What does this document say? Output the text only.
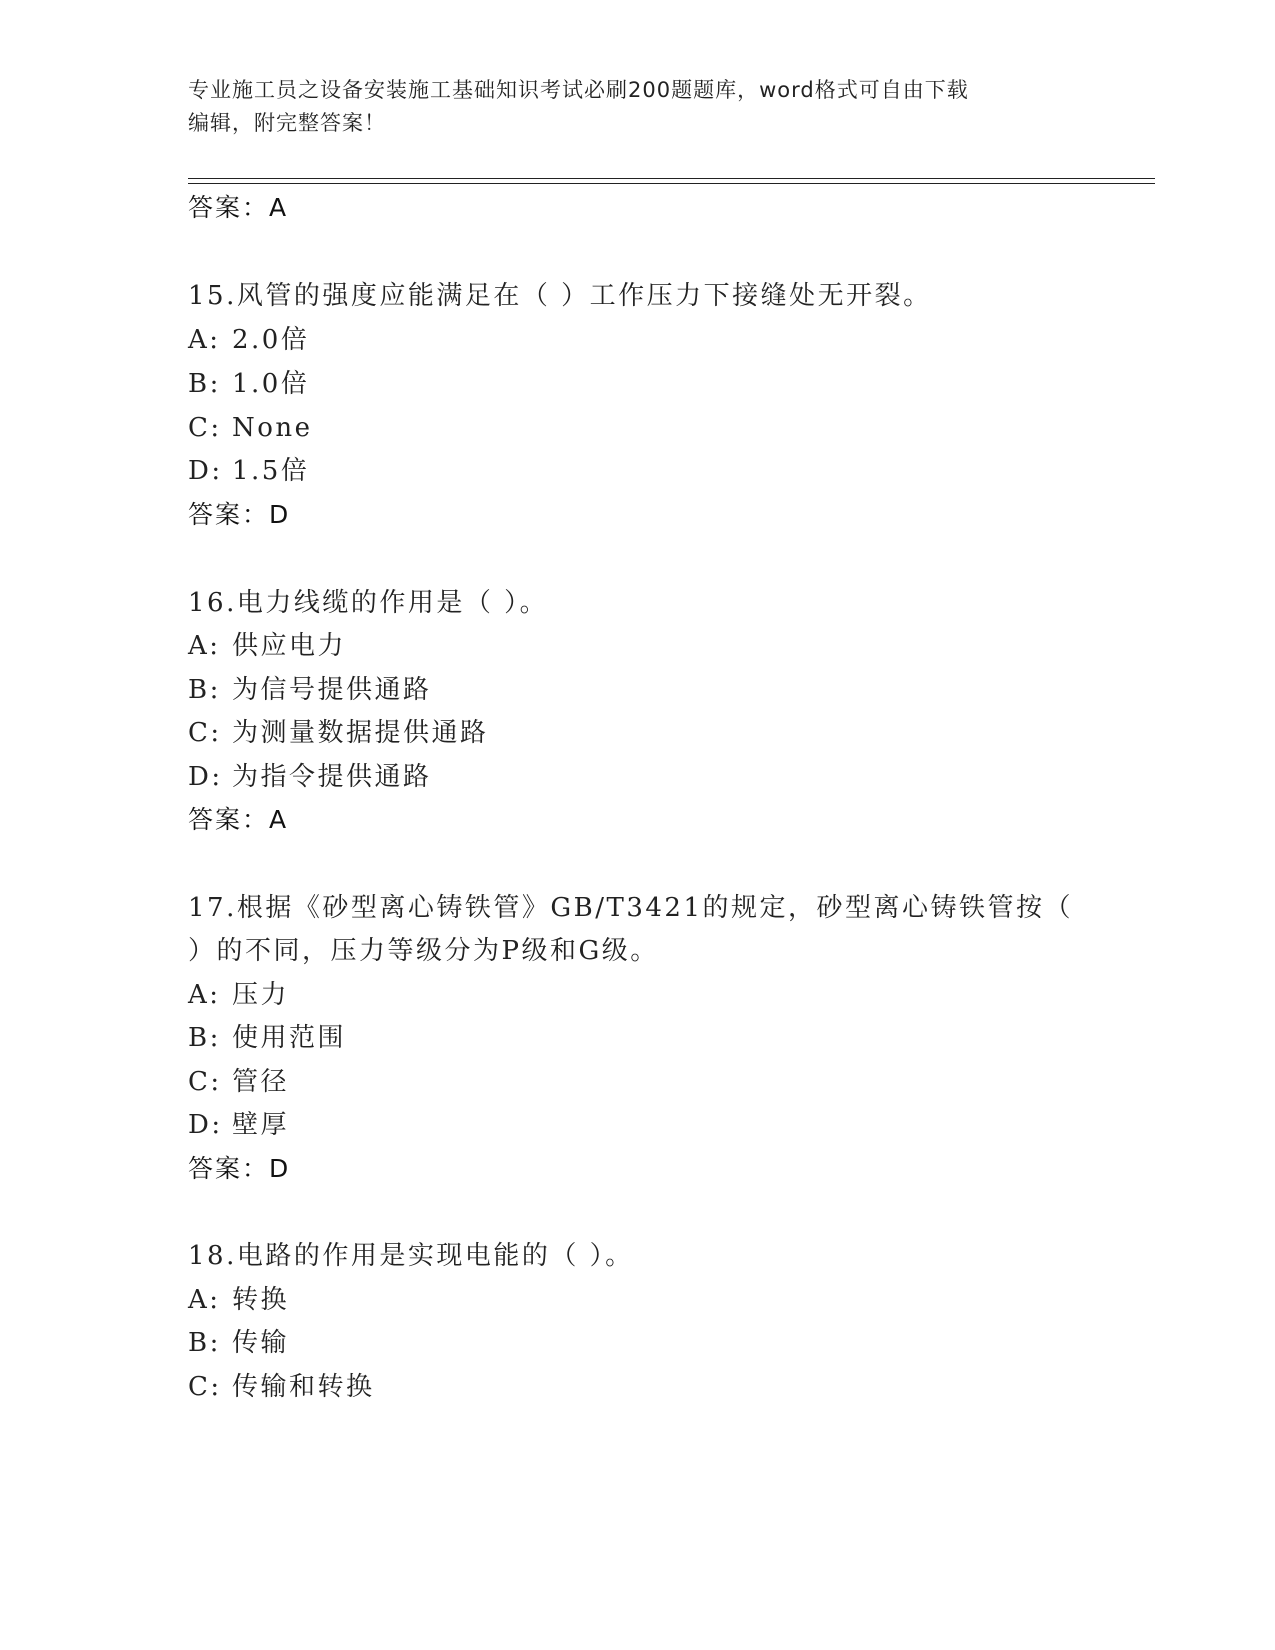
专业施工员之设备安装施工基础知识考试必刷200题题库，word格式可自由下载
编辑，附完整答案！
答案：A
15.风管的强度应能满足在（ ）工作压力下接缝处无开裂。
A: 2.0倍
B: 1.0倍
C: None
D: 1.5倍
答案：D
16.电力线缆的作用是（ ）。
A: 供应电力
B: 为信号提供通路
C: 为测量数据提供通路
D: 为指令提供通路
答案：A
17.根据《砂型离心铸铁管》GB/T3421的规定，砂型离心铸铁管按（
）的不同，压力等级分为P级和G级。
A: 压力
B: 使用范围
C: 管径
D: 壁厚
答案：D
18.电路的作用是实现电能的（ ）。
A: 转换
B: 传输
C: 传输和转换
